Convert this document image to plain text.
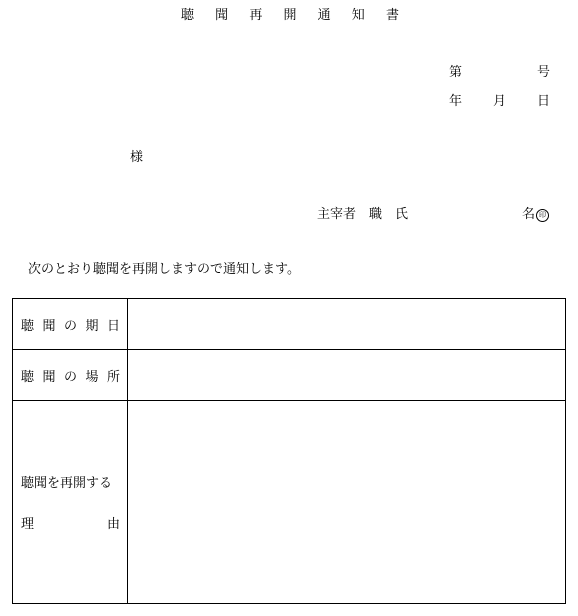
聴 聞 再 開 通 知 書
第	号
年 月 日
様
主宰者　職　氏	名 印
次のとおり聴聞を再開しますので通知します。
聴 聞 の 期 日	

聴 聞 の 場 所	

聴聞を再開する
理 由	
